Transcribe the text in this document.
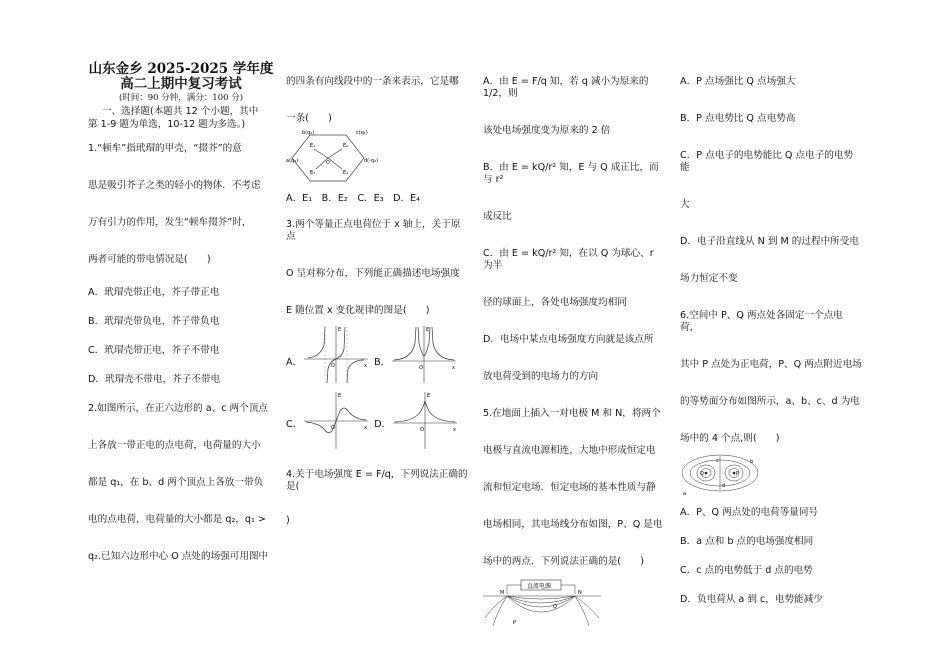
山东金乡 2025-2025 学年度
高二上期中复习考试
(时间：90 分钟，满分：100 分)
一、选择题(本题共 12 个小题，其中
第 1-9 题为单选，10-12 题为多选。)

1.“顿牟”指玳瑁的甲壳，“掇芥”的意

思是吸引芥子之类的轻小的物体．不考虑

万有引力的作用，发生“顿牟掇芥”时，

两者可能的带电情况是(　　)

A．玳瑁壳带正电，芥子带正电

B．玳瑁壳带负电，芥子带负电

C．玳瑁壳带正电，芥子不带电

D．玳瑁壳不带电，芥子不带电

2.如图所示，在正六边形的 a、c 两个顶点

上各放一带正电的点电荷，电荷量的大小

都是 q₁，在 b、d 两个顶点上各放一带负

电的点电荷，电荷量的大小都是 q₂，q₁ >

q₂.已知六边形中心 O 点处的场强可用图中

的四条有向线段中的一条来表示，它是哪

一条(　　)

b(q₂)
a(q₁)
c(q₁)
d(-q₂)
E₁	E₂
E₃	E₄
O

A．E₁　B．E₂　C．E₃　D．E₄

3.两个等量正点电荷位于 x 轴上，关于原点

O 呈对称分布，下列能正确描述电场强度

E 随位置 x 变化规律的图是(　　)

A．
E
x
O	B．
E
x
O
C．
E
x
O	D．
E
x
O

4.关于电场强度 E = F/q，下列说法正确的是(

)

A．由 E = F/q 知，若 q 减小为原来的 1/2，则

该处电场强度变为原来的 2 倍

B．由 E = kQ/r² 知，E 与 Q 成正比，而与 r²

成反比

C．由 E = kQ/r² 知，在以 Q 为球心、r 为半

径的球面上，各处电场强度均相同

D．电场中某点电场强度方向就是该点所

放电荷受到的电场力的方向

5.在地面上插入一对电极 M 和 N，将两个

电极与直流电源相连，大地中形成恒定电

流和恒定电场．恒定电场的基本性质与静

电场相同，其电场线分布如图，P、Q 是电

场中的两点．下列说法正确的是(　　)

直流电源
M	N
P
Q

A．P 点场强比 Q 点场强大

B．P 点电势比 Q 点电势高

C．P 点电子的电势能比 Q 点电子的电势能

大

D．电子沿直线从 N 到 M 的过程中所受电

场力恒定不变

6.空间中 P、Q 两点处各固定一个点电荷，

其中 P 点处为正电荷，P、Q 两点附近电场

的等势面分布如图所示，a、b、c、d 为电

场中的 4 个点,则(　　)

Q	P
a
b
c
d

A．P、Q 两点处的电荷等量同号

B．a 点和 b 点的电场强度相同

C．c 点的电势低于 d 点的电势

D．负电荷从 a 到 c，电势能减少
